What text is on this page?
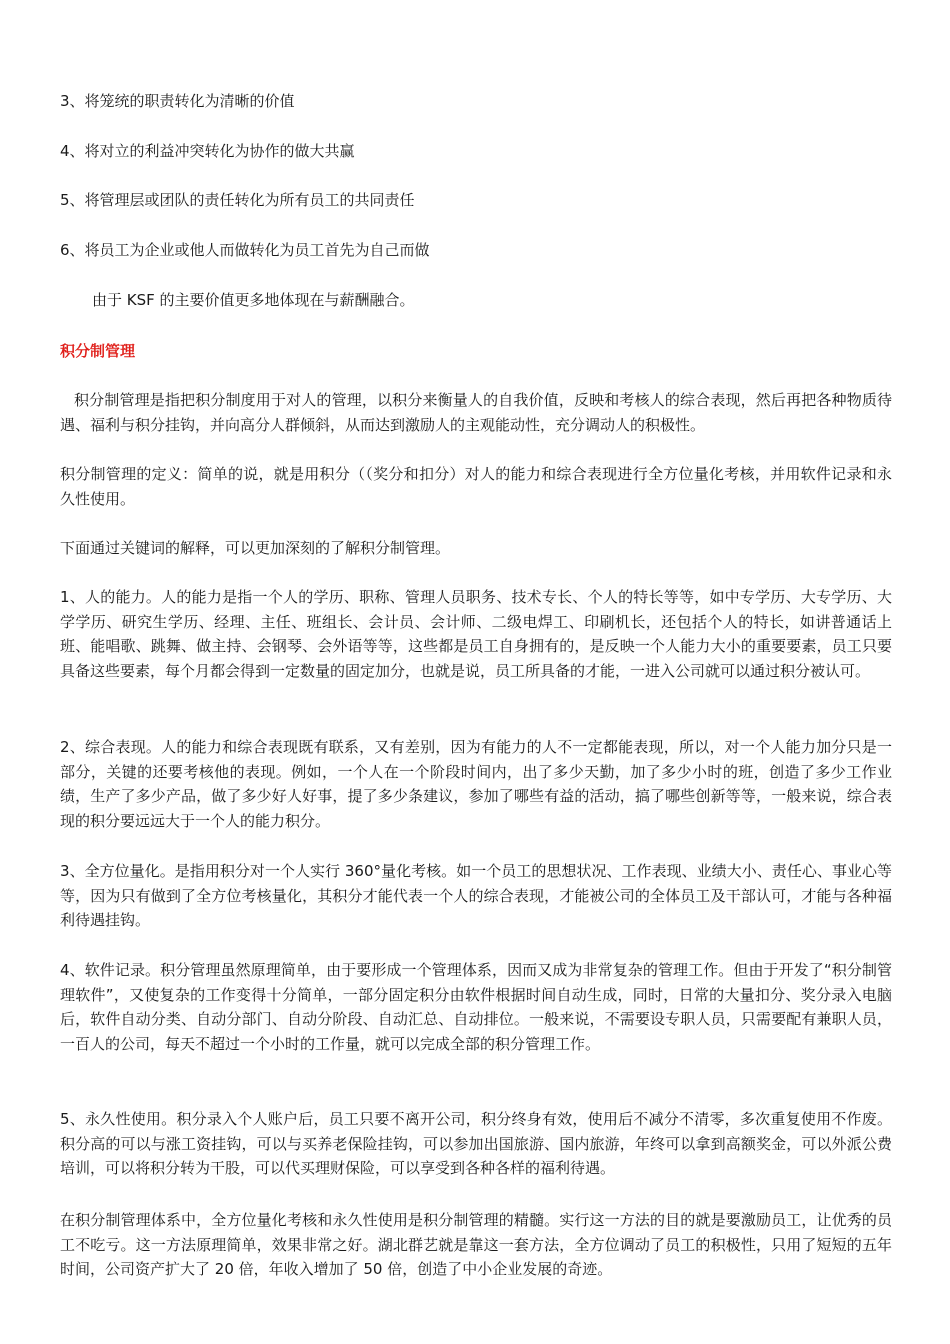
3、将笼统的职责转化为清晰的价值
4、将对立的利益冲突转化为协作的做大共赢
5、将管理层或团队的责任转化为所有员工的共同责任
6、将员工为企业或他人而做转化为员工首先为自己而做
由于 KSF 的主要价值更多地体现在与薪酬融合。
积分制管理
积分制管理是指把积分制度用于对人的管理，以积分来衡量人的自我价值，反映和考核人的综合表现，然后再把各种物质待遇、福利与积分挂钩，并向高分人群倾斜，从而达到激励人的主观能动性，充分调动人的积极性。
积分制管理的定义：简单的说，就是用积分（（奖分和扣分）对人的能力和综合表现进行全方位量化考核，并用软件记录和永久性使用。
下面通过关键词的解释，可以更加深刻的了解积分制管理。
1、人的能力。人的能力是指一个人的学历、职称、管理人员职务、技术专长、个人的特长等等，如中专学历、大专学历、大学学历、研究生学历、经理、主任、班组长、会计员、会计师、二级电焊工、印刷机长，还包括个人的特长，如讲普通话上班、能唱歌、跳舞、做主持、会钢琴、会外语等等，这些都是员工自身拥有的，是反映一个人能力大小的重要要素，员工只要具备这些要素，每个月都会得到一定数量的固定加分，也就是说，员工所具备的才能，一进入公司就可以通过积分被认可。
2、综合表现。人的能力和综合表现既有联系，又有差别，因为有能力的人不一定都能表现，所以，对一个人能力加分只是一部分，关键的还要考核他的表现。例如，一个人在一个阶段时间内，出了多少天勤，加了多少小时的班，创造了多少工作业绩，生产了多少产品，做了多少好人好事，提了多少条建议，参加了哪些有益的活动，搞了哪些创新等等，一般来说，综合表现的积分要远远大于一个人的能力积分。
3、全方位量化。是指用积分对一个人实行 360°量化考核。如一个员工的思想状况、工作表现、业绩大小、责任心、事业心等等，因为只有做到了全方位考核量化，其积分才能代表一个人的综合表现，才能被公司的全体员工及干部认可，才能与各种福利待遇挂钩。
4、软件记录。积分管理虽然原理简单，由于要形成一个管理体系，因而又成为非常复杂的管理工作。但由于开发了“积分制管理软件”，又使复杂的工作变得十分简单，一部分固定积分由软件根据时间自动生成，同时，日常的大量扣分、奖分录入电脑后，软件自动分类、自动分部门、自动分阶段、自动汇总、自动排位。一般来说，不需要设专职人员，只需要配有兼职人员，一百人的公司，每天不超过一个小时的工作量，就可以完成全部的积分管理工作。
5、永久性使用。积分录入个人账户后，员工只要不离开公司，积分终身有效，使用后不减分不清零，多次重复使用不作废。积分高的可以与涨工资挂钩，可以与买养老保险挂钩，可以参加出国旅游、国内旅游，年终可以拿到高额奖金，可以外派公费培训，可以将积分转为干股，可以代买理财保险，可以享受到各种各样的福利待遇。
在积分制管理体系中，全方位量化考核和永久性使用是积分制管理的精髓。实行这一方法的目的就是要激励员工，让优秀的员工不吃亏。这一方法原理简单，效果非常之好。湖北群艺就是靠这一套方法，全方位调动了员工的积极性，只用了短短的五年时间，公司资产扩大了 20 倍，年收入增加了 50 倍，创造了中小企业发展的奇迹。
